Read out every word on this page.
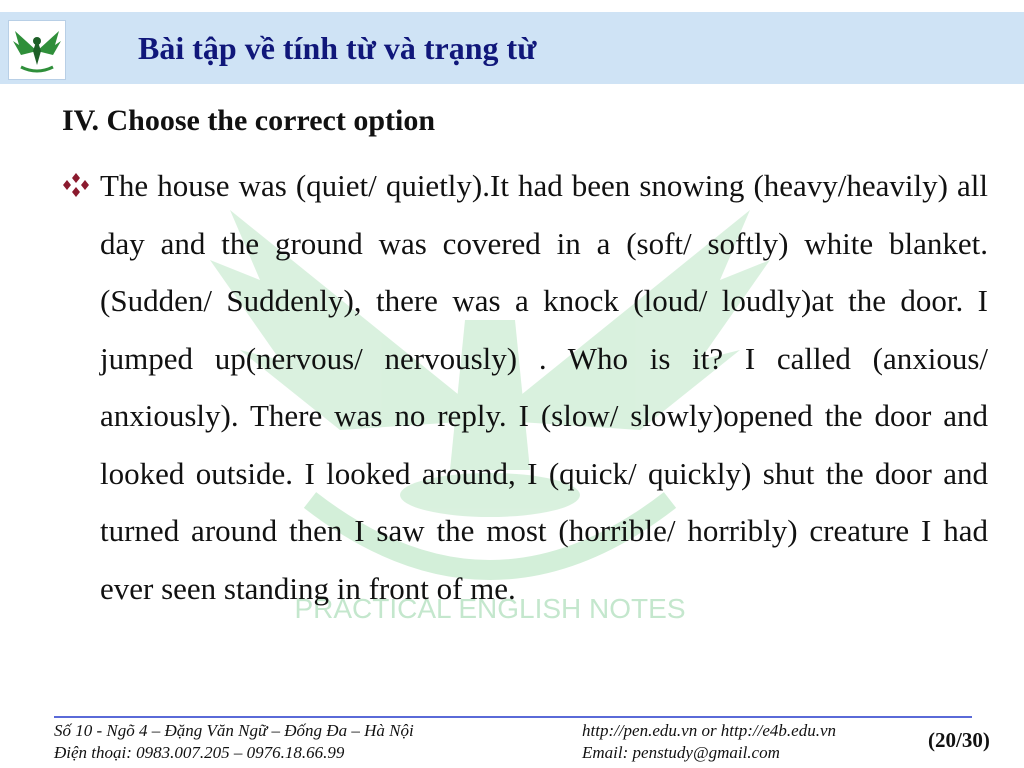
Bài tập về tính từ và trạng từ
PRACTICAL ENGLISH NOTES
IV. Choose the correct option

The house was (quiet/ quietly).It had been snowing (heavy/heavily) all day and the ground was covered in a (soft/ softly) white blanket. (Sudden/ Suddenly), there was a knock (loud/ loudly)at the door. I jumped up(nervous/ nervously) . Who is it? I called (anxious/ anxiously). There was no reply. I (slow/ slowly)opened the door and looked outside. I looked around, I (quick/ quickly) shut the door and turned around then I saw the most (horrible/ horribly) creature I had ever seen standing in front of me.

Số 10 - Ngõ 4 – Đặng Văn Ngữ – Đống Đa – Hà Nội
Điện thoại: 0983.007.205 – 0976.18.66.99
http://pen.edu.vn or http://e4b.edu.vn
Email: penstudy@gmail.com
(20/30)
